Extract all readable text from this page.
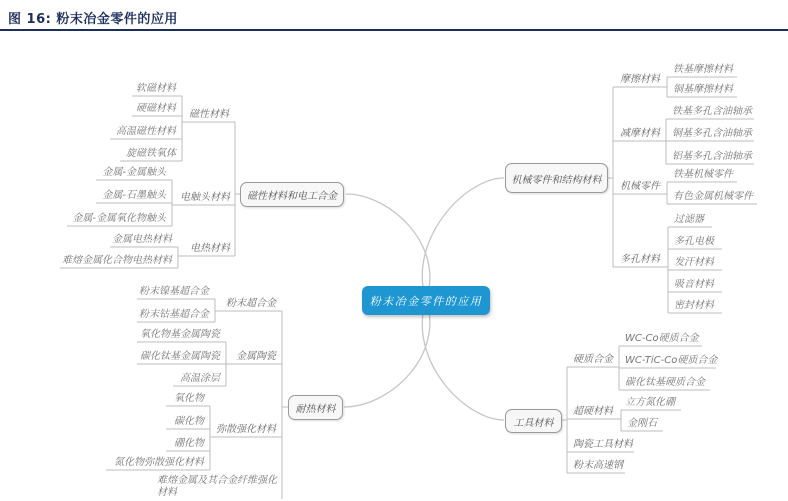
图 16: 粉末冶金零件的应用
粉末冶金零件的应用
磁性材料和电工合金
机械零件和结构材料
耐热材料
工具材料
磁性材料
软磁材料
硬磁材料
高温磁性材料
旋磁铁氧体
电触头材料
金属-金属触头
金属-石墨触头
金属-金属氧化物触头
电热材料
金属电热材料
难熔金属化合物电热材料
粉末超合金
粉末镍基超合金
粉末钴基超合金
金属陶瓷
氧化物基金属陶瓷
碳化钛基金属陶瓷
高温涂层
弥散强化材料
氧化物
碳化物
硼化物
氮化物弥散强化材料
难熔金属及其合金纤维强化材料
摩擦材料
铁基摩擦材料
铜基摩擦材料
减摩材料
铁基多孔含油轴承
铜基多孔含油轴承
铝基多孔含油轴承
机械零件
铁基机械零件
有色金属机械零件
多孔材料
过滤器
多孔电极
发汗材料
吸音材料
密封材料
硬质合金
WC-Co硬质合金
WC-TiC-Co硬质合金
碳化钛基硬质合金
超硬材料
立方氮化硼
金刚石
陶瓷工具材料
粉末高速钢
